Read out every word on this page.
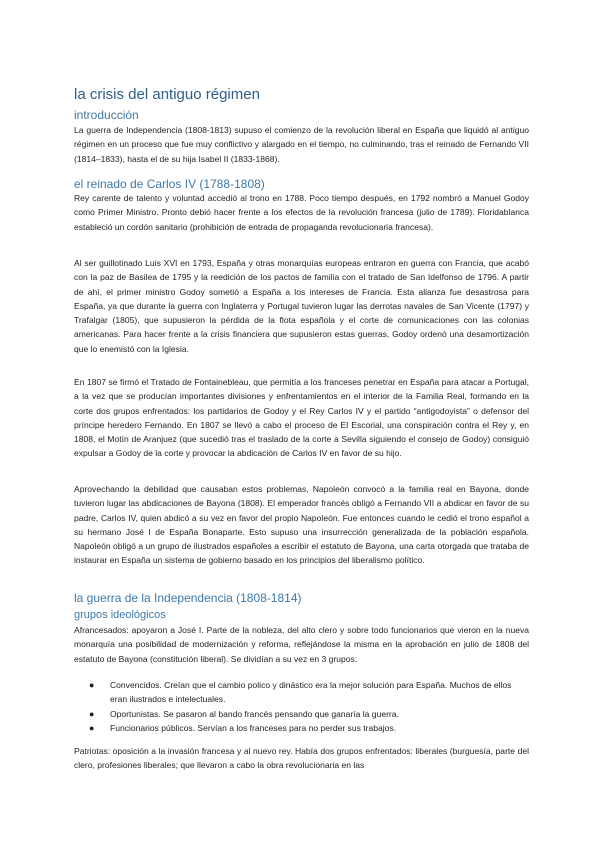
la crisis del antiguo régimen
introducción
La guerra de Independencia (1808-1813) supuso el comienzo de la revolución liberal en España que liquidó al antiguo régimen en un proceso que fue muy conflictivo y alargado en el tiempo, no culminando, tras el reinado de Fernando VII (1814–1833), hasta el de su hija Isabel II (1833-1868).
el reinado de Carlos IV (1788-1808)
Rey carente de talento y voluntad accedió al trono en 1788. Poco tiempo después, en 1792 nombró a Manuel Godoy como Primer Ministro. Pronto debió hacer frente a los efectos de la revolución francesa (julio de 1789). Floridablanca estableció un cordón sanitario (prohibición de entrada de propaganda revolucionaria francesa).
Al ser guillotinado Luis XVI en 1793, España y otras monarquías europeas entraron en guerra con Francia, que acabó con la paz de Basilea de 1795 y la reedición de los pactos de familia con el tratado de San Idelfonso de 1796. A partir de ahí, el primer ministro Godoy sometió a España a los intereses de Francia. Esta alianza fue desastrosa para España, ya que durante la guerra con Inglaterra y Portugal tuvieron lugar las derrotas navales de San Vicente (1797) y Trafalgar (1805), que supusieron la pérdida de la flota española y el corte de comunicaciones con las colonias americanas. Para hacer frente a la crisis financiera que supusieron estas guerras, Godoy ordenó una desamortización que lo enemistó con la Iglesia.
En 1807 se firmó el Tratado de Fontainebleau, que permitía a los franceses penetrar en España para atacar a Portugal, a la vez que se producían importantes divisiones y enfrentamientos en el interior de la Familia Real, formando en la corte dos grupos enfrentados: los partidarios de Godoy y el Rey Carlos IV y el partido “antigodoyista” o defensor del príncipe heredero Fernando. En 1807 se llevó a cabo el proceso de El Escorial, una conspiración contra el Rey y, en 1808, el Motín de Aranjuez (que sucedió tras el traslado de la corte a Sevilla siguiendo el consejo de Godoy) consiguió expulsar a Godoy de la corte y provocar la abdicación de Carlos IV en favor de su hijo.
Aprovechando la debilidad que causaban estos problemas, Napoleón convocó a la familia real en Bayona, donde tuvieron lugar las abdicaciones de Bayona (1808). El emperador francés obligó a Fernando VII a abdicar en favor de su padre, Carlos IV, quien abdicó a su vez en favor del propio Napoleón. Fue entonces cuando le cedió el trono español a su hermano José I de España Bonaparte. Esto supuso una insurrección generalizada de la población española. Napoleón obligó a un grupo de ilustrados españoles a escribir el estatuto de Bayona, una carta otorgada que trataba de instaurar en España un sistema de gobierno basado en los principios del liberalismo político.
la guerra de la Independencia (1808-1814)
grupos ideológicos
Afrancesados: apoyaron a José I. Parte de la nobleza, del alto clero y sobre todo funcionarios que vieron en la nueva monarquía una posibilidad de modernización y reforma, reflejándose la misma en la aprobación en julio de 1808 del estatuto de Bayona (constitución liberal). Se dividían a su vez en 3 grupos:
● Convencidos. Creían que el cambio polico y dinástico era la mejor solución para España. Muchos de ellos eran ilustrados e intelectuales.
● Oportunistas. Se pasaron al bando francés pensando que ganaría la guerra.
● Funcionarios públicos. Servían a los franceses para no perder sus trabajos.
Patriotas: oposición a la invasión francesa y al nuevo rey. Había dos grupos enfrentados: liberales (burguesía, parte del clero, profesiones liberales; que llevaron a cabo la obra revolucionaria en las
